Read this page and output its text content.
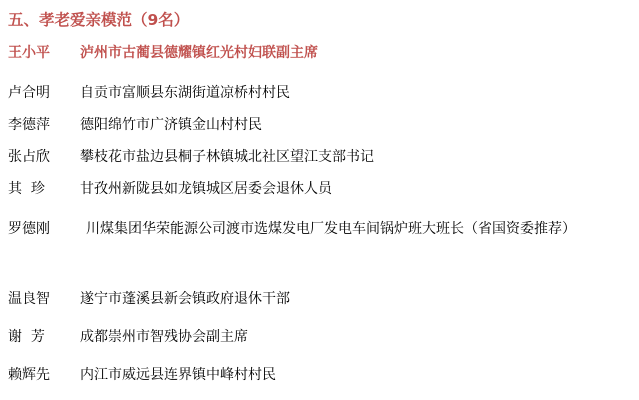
五、孝老爱亲模范（9名）
王小平 泸州市古蔺县德耀镇红光村妇联副主席
卢合明 自贡市富顺县东湖街道凉桥村村民
李德萍 德阳绵竹市广济镇金山村村民
张占欣 攀枝花市盐边县桐子林镇城北社区望江支部书记
其  珍	甘孜州新陇县如龙镇城区居委会退休人员
罗德刚	川煤集团华荣能源公司渡市选煤发电厂发电车间锅炉班大班长（省国资委推荐）
温良智 遂宁市蓬溪县新会镇政府退休干部
谢  芳	成都崇州市智残协会副主席
赖辉先 内江市威远县连界镇中峰村村民
